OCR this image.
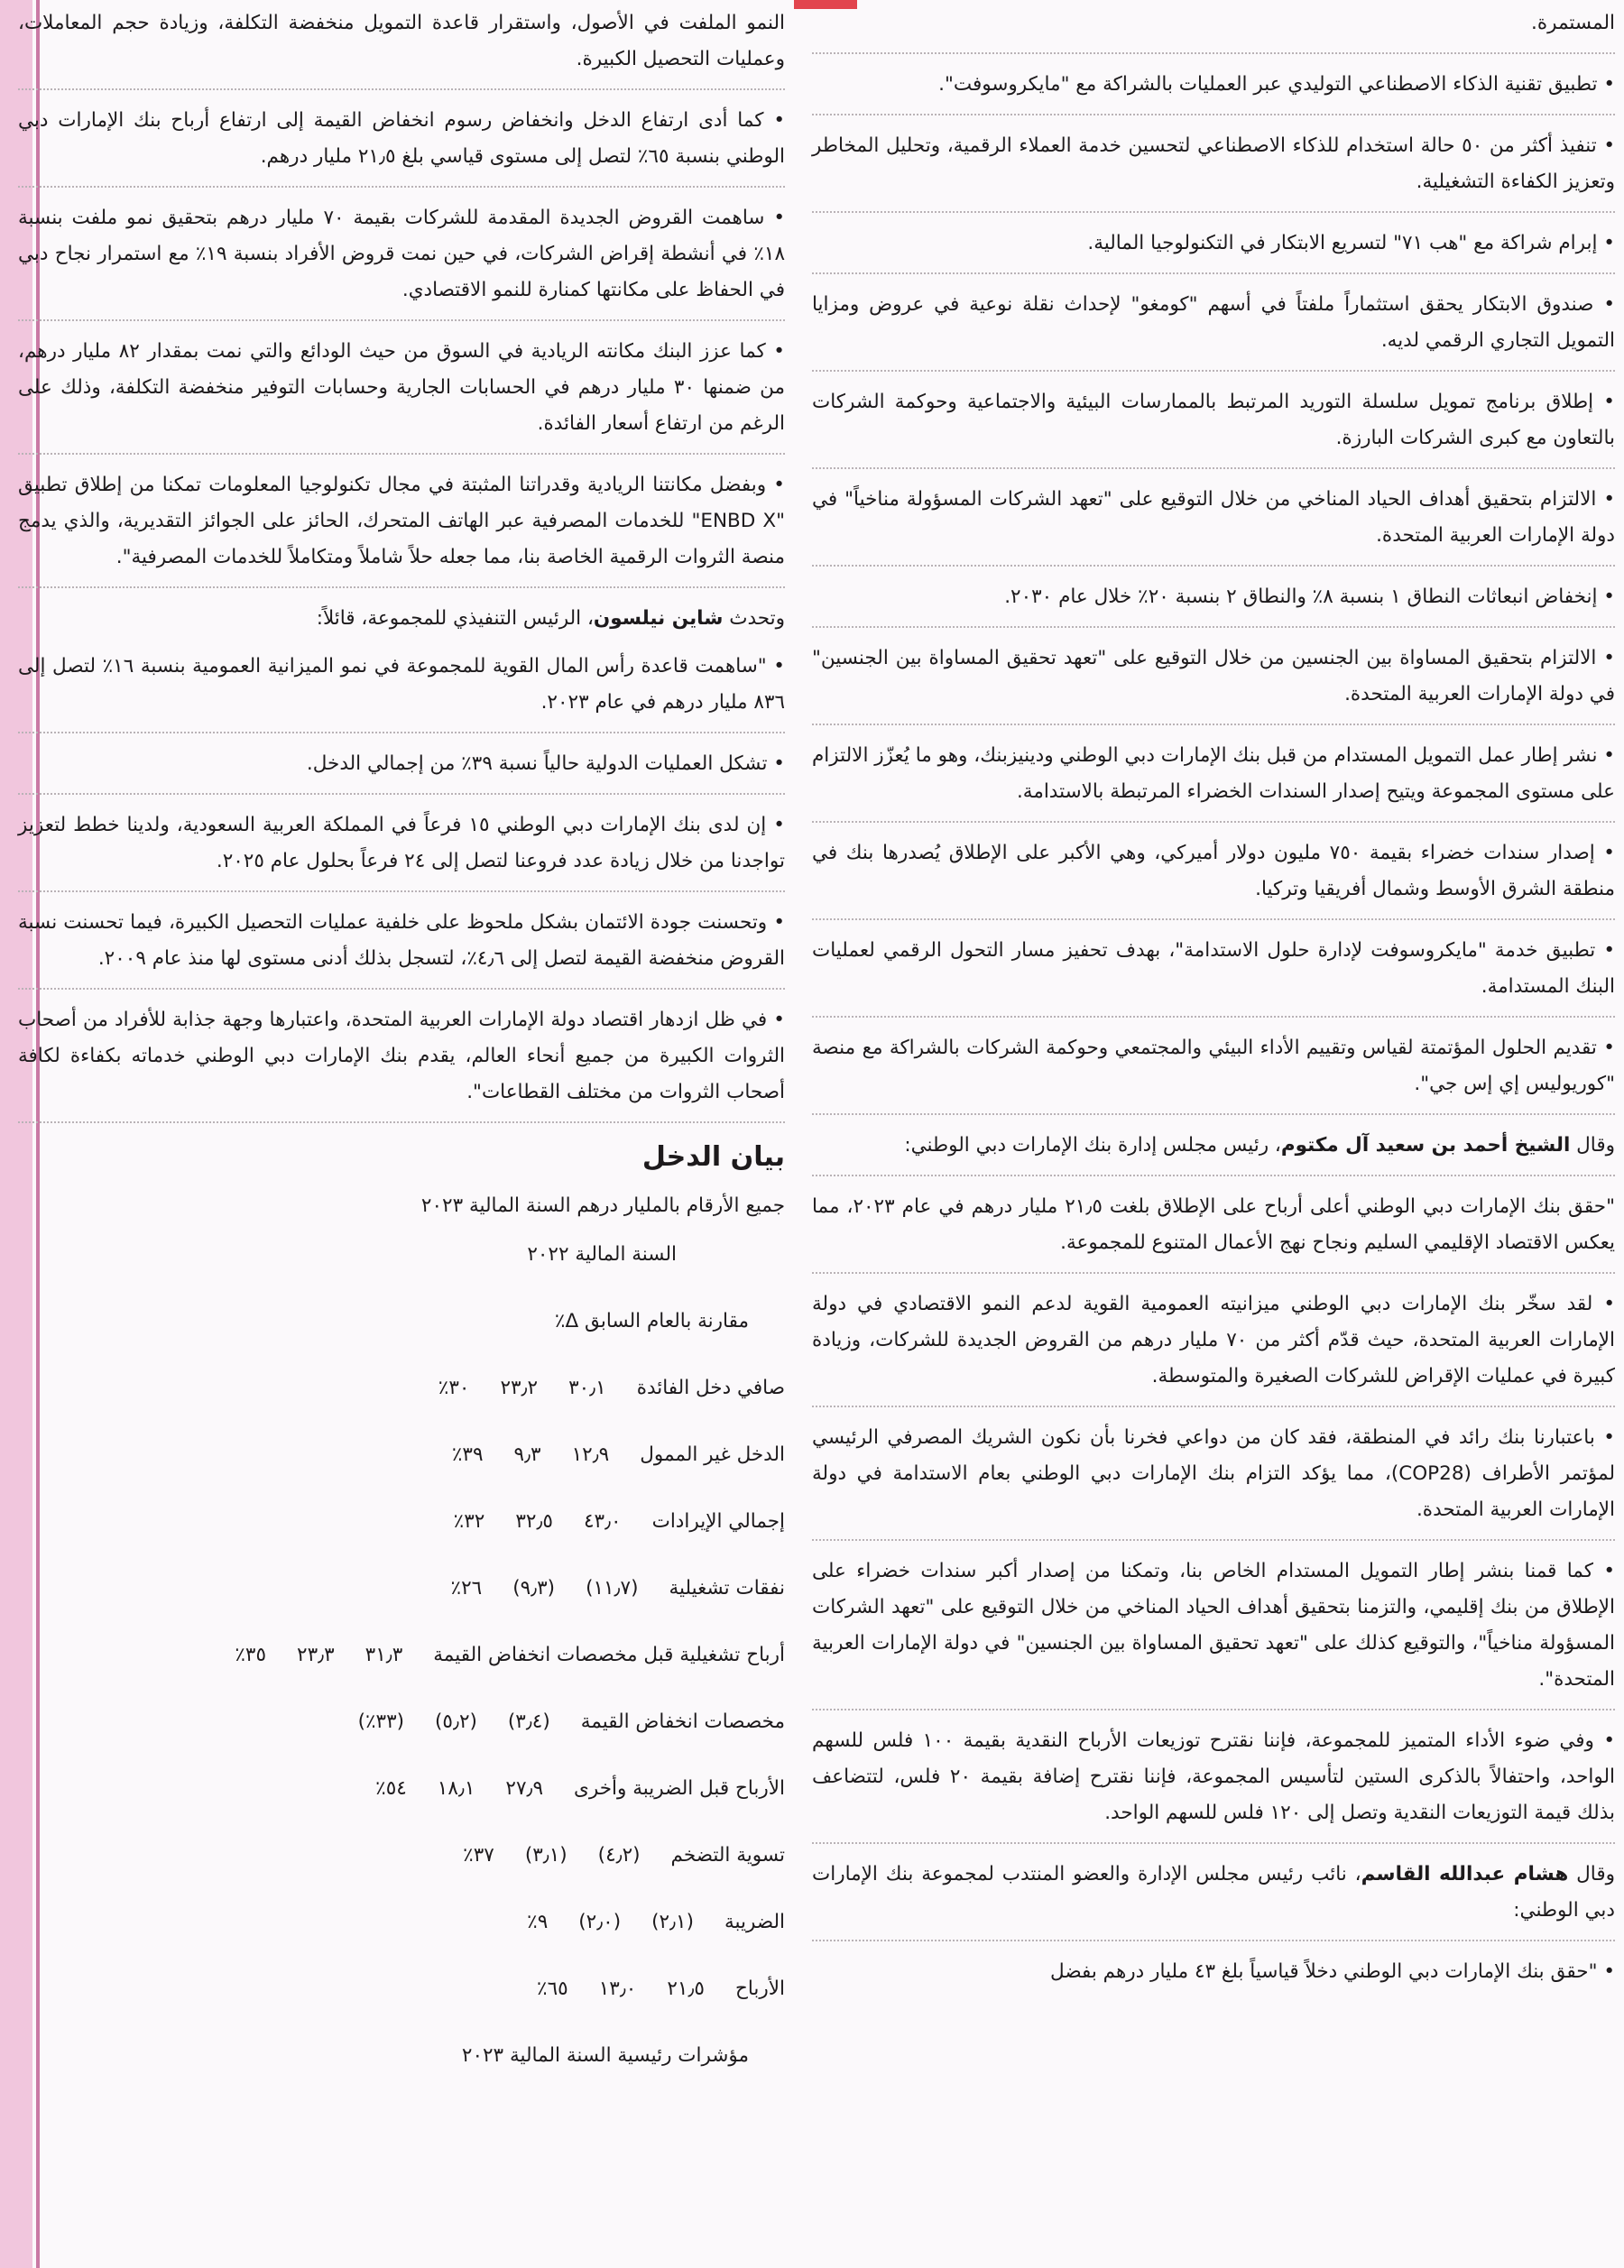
المستمرة.

• تطبيق تقنية الذكاء الاصطناعي التوليدي عبر العمليات بالشراكة مع "مايكروسوفت".

• تنفيذ أكثر من ٥٠ حالة استخدام للذكاء الاصطناعي لتحسين خدمة العملاء الرقمية، وتحليل المخاطر وتعزيز الكفاءة التشغيلية.

• إبرام شراكة مع "هب ٧١" لتسريع الابتكار في التكنولوجيا المالية.

• صندوق الابتكار يحقق استثماراً ملفتاً في أسهم "كومغو" لإحداث نقلة نوعية في عروض ومزايا التمويل التجاري الرقمي لديه.

• إطلاق برنامج تمويل سلسلة التوريد المرتبط بالممارسات البيئية والاجتماعية وحوكمة الشركات بالتعاون مع كبرى الشركات البارزة.

• الالتزام بتحقيق أهداف الحياد المناخي من خلال التوقيع على "تعهد الشركات المسؤولة مناخياً" في دولة الإمارات العربية المتحدة.

• إنخفاض انبعاثات النطاق ١ بنسبة ٨٪ والنطاق ٢ بنسبة ٢٠٪ خلال عام ٢٠٣٠.

• الالتزام بتحقيق المساواة بين الجنسين من خلال التوقيع على "تعهد تحقيق المساواة بين الجنسين" في دولة الإمارات العربية المتحدة.

• نشر إطار عمل التمويل المستدام من قبل بنك الإمارات دبي الوطني ودينيزبنك، وهو ما يُعزّز الالتزام على مستوى المجموعة ويتيح إصدار السندات الخضراء المرتبطة بالاستدامة.

• إصدار سندات خضراء بقيمة ٧٥٠ مليون دولار أميركي، وهي الأكبر على الإطلاق يُصدرها بنك في منطقة الشرق الأوسط وشمال أفريقيا وتركيا.

• تطبيق خدمة "مايكروسوفت لإدارة حلول الاستدامة"، بهدف تحفيز مسار التحول الرقمي لعمليات البنك المستدامة.

• تقديم الحلول المؤتمتة لقياس وتقييم الأداء البيئي والمجتمعي وحوكمة الشركات بالشراكة مع منصة "كوريوليس إي إس جي".

وقال الشيخ أحمد بن سعيد آل مكتوم، رئيس مجلس إدارة بنك الإمارات دبي الوطني:

"حقق بنك الإمارات دبي الوطني أعلى أرباح على الإطلاق بلغت ٢١٫٥ مليار درهم في عام ٢٠٢٣، مما يعكس الاقتصاد الإقليمي السليم ونجاح نهج الأعمال المتنوع للمجموعة.

• لقد سخّر بنك الإمارات دبي الوطني ميزانيته العمومية القوية لدعم النمو الاقتصادي في دولة الإمارات العربية المتحدة، حيث قدّم أكثر من ٧٠ مليار درهم من القروض الجديدة للشركات، وزيادة كبيرة في عمليات الإقراض للشركات الصغيرة والمتوسطة.

• باعتبارنا بنك رائد في المنطقة، فقد كان من دواعي فخرنا بأن نكون الشريك المصرفي الرئيسي لمؤتمر الأطراف (COP28)، مما يؤكد التزام بنك الإمارات دبي الوطني بعام الاستدامة في دولة الإمارات العربية المتحدة.

• كما قمنا بنشر إطار التمويل المستدام الخاص بنا، وتمكنا من إصدار أكبر سندات خضراء على الإطلاق من بنك إقليمي، والتزمنا بتحقيق أهداف الحياد المناخي من خلال التوقيع على "تعهد الشركات المسؤولة مناخياً"، والتوقيع كذلك على "تعهد تحقيق المساواة بين الجنسين" في دولة الإمارات العربية المتحدة".

• وفي ضوء الأداء المتميز للمجموعة، فإننا نقترح توزيعات الأرباح النقدية بقيمة ١٠٠ فلس للسهم الواحد، واحتفالاً بالذكرى الستين لتأسيس المجموعة، فإننا نقترح إضافة بقيمة ٢٠ فلس، لتتضاعف بذلك قيمة التوزيعات النقدية وتصل إلى ١٢٠ فلس للسهم الواحد.

وقال هشام عبدالله القاسم، نائب رئيس مجلس الإدارة والعضو المنتدب لمجموعة بنك الإمارات دبي الوطني:

• "حقق بنك الإمارات دبي الوطني دخلاً قياسياً بلغ ٤٣ مليار درهم بفضل

النمو الملفت في الأصول، واستقرار قاعدة التمويل منخفضة التكلفة، وزيادة حجم المعاملات، وعمليات التحصيل الكبيرة.

• كما أدى ارتفاع الدخل وانخفاض رسوم انخفاض القيمة إلى ارتفاع أرباح بنك الإمارات دبي الوطني بنسبة ٦٥٪ لتصل إلى مستوى قياسي بلغ ٢١٫٥ مليار درهم.

• ساهمت القروض الجديدة المقدمة للشركات بقيمة ٧٠ مليار درهم بتحقيق نمو ملفت بنسبة ١٨٪ في أنشطة إقراض الشركات، في حين نمت قروض الأفراد بنسبة ١٩٪ مع استمرار نجاح دبي في الحفاظ على مكانتها كمنارة للنمو الاقتصادي.

• كما عزز البنك مكانته الريادية في السوق من حيث الودائع والتي نمت بمقدار ٨٢ مليار درهم، من ضمنها ٣٠ مليار درهم في الحسابات الجارية وحسابات التوفير منخفضة التكلفة، وذلك على الرغم من ارتفاع أسعار الفائدة.

• وبفضل مكانتنا الريادية وقدراتنا المثبتة في مجال تكنولوجيا المعلومات تمكنا من إطلاق تطبيق "ENBD X" للخدمات المصرفية عبر الهاتف المتحرك، الحائز على الجوائز التقديرية، والذي يدمج منصة الثروات الرقمية الخاصة بنا، مما جعله حلاً شاملاً ومتكاملاً للخدمات المصرفية".

وتحدث شاين نيلسون، الرئيس التنفيذي للمجموعة، قائلاً:

• "ساهمت قاعدة رأس المال القوية للمجموعة في نمو الميزانية العمومية بنسبة ١٦٪ لتصل إلى ٨٣٦ مليار درهم في عام ٢٠٢٣.

• تشكل العمليات الدولية حالياً نسبة ٣٩٪ من إجمالي الدخل.

• إن لدى بنك الإمارات دبي الوطني ١٥ فرعاً في المملكة العربية السعودية، ولدينا خطط لتعزيز تواجدنا من خلال زيادة عدد فروعنا لتصل إلى ٢٤ فرعاً بحلول عام ٢٠٢٥.

• وتحسنت جودة الائتمان بشكل ملحوظ على خلفية عمليات التحصيل الكبيرة، فيما تحسنت نسبة القروض منخفضة القيمة لتصل إلى ٤٫٦٪، لتسجل بذلك أدنى مستوى لها منذ عام ٢٠٠٩.

• في ظل ازدهار اقتصاد دولة الإمارات العربية المتحدة، واعتبارها وجهة جذابة للأفراد من أصحاب الثروات الكبيرة من جميع أنحاء العالم، يقدم بنك الإمارات دبي الوطني خدماته بكفاءة لكافة أصحاب الثروات من مختلف القطاعات".

بيان الدخل
جميع الأرقام بالمليار درهم السنة المالية ٢٠٢٣
السنة المالية ٢٠٢٢
مقارنة بالعام السابق Δ٪
صافي دخل الفائدة
٣٠٫١
٢٣٫٢
٣٠٪
الدخل غير الممول
١٢٫٩
٩٫٣
٣٩٪
إجمالي الإيرادات
٤٣٫٠
٣٢٫٥
٣٢٪
نفقات تشغيلية
(١١٫٧)
(٩٫٣)
٢٦٪
أرباح تشغيلية قبل مخصصات انخفاض القيمة
٣١٫٣
٢٣٫٣
٣٥٪
مخصصات انخفاض القيمة
(٣٫٤)
(٥٫٢)
(٣٣٪)
الأرباح قبل الضريبة وأخرى
٢٧٫٩
١٨٫١
٥٤٪
تسوية التضخم
(٤٫٢)
(٣٫١)
٣٧٪
الضريبة
(٢٫١)
(٢٫٠)
٩٪
الأرباح
٢١٫٥
١٣٫٠
٦٥٪
مؤشرات رئيسية السنة المالية ٢٠٢٣
